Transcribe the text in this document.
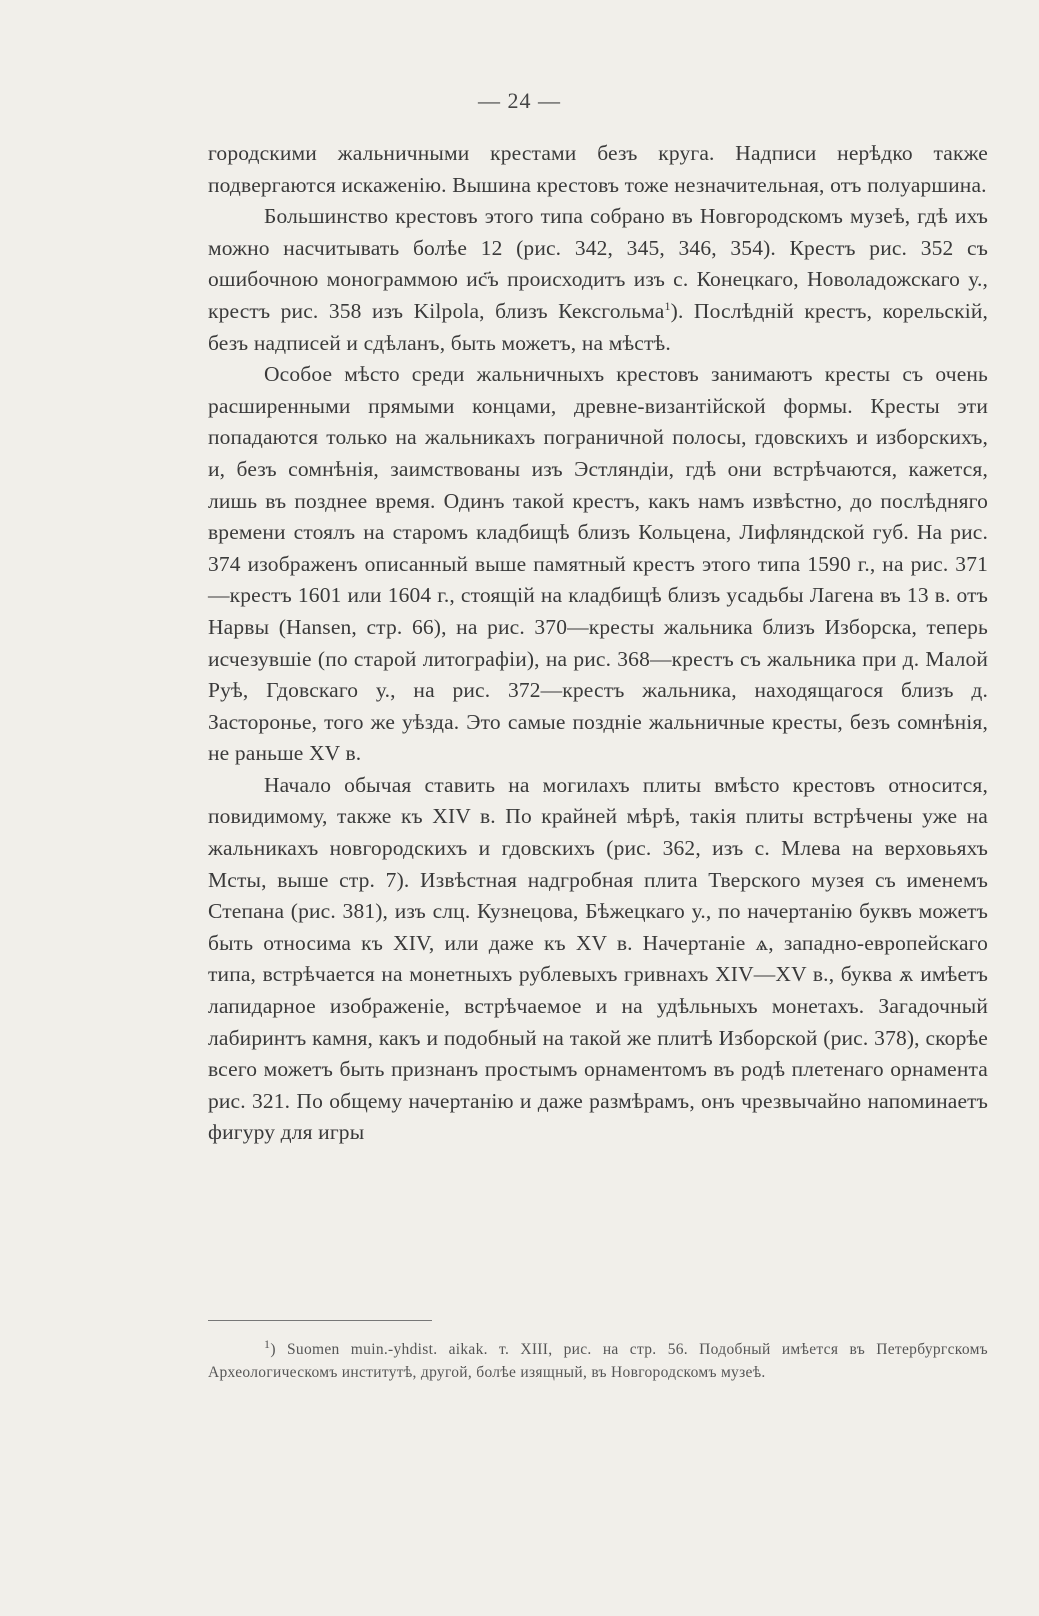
— 24 —

городскими жальничными крестами безъ круга. Надписи нерѣдко также подвергаются искаженію. Вышина крестовъ тоже незначительная, отъ полуаршина.

Большинство крестовъ этого типа собрано въ Новгородскомъ музеѣ, гдѣ ихъ можно насчитывать болѣе 12 (рис. 342, 345, 346, 354). Крестъ рис. 352 съ ошибочною монограммою ис҃ъ происходитъ изъ с. Конецкаго, Новоладожскаго у., крестъ рис. 358 изъ Kilpola, близъ Кексгольма$^1$). Послѣдній крестъ, корельскій, безъ надписей и сдѣланъ, быть можетъ, на мѣстѣ.

Особое мѣсто среди жальничныхъ крестовъ занимаютъ кресты съ очень расширенными прямыми концами, древне-византійской формы. Кресты эти попадаются только на жальникахъ пограничной полосы, гдовскихъ и изборскихъ, и, безъ сомнѣнія, заимствованы изъ Эстляндіи, гдѣ они встрѣчаются, кажется, лишь въ позднее время. Одинъ такой крестъ, какъ намъ извѣстно, до послѣдняго времени стоялъ на старомъ кладбищѣ близъ Кольцена, Лифляндской губ. На рис. 374 изображенъ описанный выше памятный крестъ этого типа 1590 г., на рис. 371—крестъ 1601 или 1604 г., стоящій на кладбищѣ близъ усадьбы Лагена въ 13 в. отъ Нарвы (Hansen, стр. 66), на рис. 370—кресты жальника близъ Изборска, теперь исчезувшіе (по старой литографіи), на рис. 368—крестъ съ жальника при д. Малой Руѣ, Гдовскаго у., на рис. 372—крестъ жальника, находящагося близъ д. Застороньe, того же уѣзда. Это самые поздніе жальничные кресты, безъ сомнѣнія, не раньше XV в.

Начало обычая ставить на могилахъ плиты вмѣсто крестовъ относится, повидимому, также къ XIV в. По крайней мѣрѣ, такія плиты встрѣчены уже на жальникахъ новгородскихъ и гдовскихъ (рис. 362, изъ с. Млева на верховьяхъ Мсты, выше стр. 7). Извѣстная надгробная плита Тверского музея съ именемъ Степана (рис. 381), изъ слц. Кузнецова, Бѣжецкаго у., по начертанію буквъ можетъ быть относима къ XIV, или даже къ XV в. Начертаніе ѧ, западно-европейскаго типа, встрѣчается на монетныхъ рублевыхъ гривнахъ XIV—XV в., буква ѫ имѣетъ лапидарное изображеніе, встрѣчаемое и на удѣльныхъ монетахъ. Загадочный лабиринтъ камня, какъ и подобный на такой же плитѣ Изборской (рис. 378), скорѣе всего можетъ быть признанъ простымъ орнаментомъ въ родѣ плетенаго орнамента рис. 321. По общему начертанію и даже размѣрамъ, онъ чрезвычайно напоминаетъ фигуру для игры

$^1$) Suomen muin.-yhdist. aikak. т. XIII, рис. на стр. 56. Подобный имѣется въ Петербургскомъ Археологическомъ институтѣ, другой, болѣе изящный, въ Новгородскомъ музеѣ.
